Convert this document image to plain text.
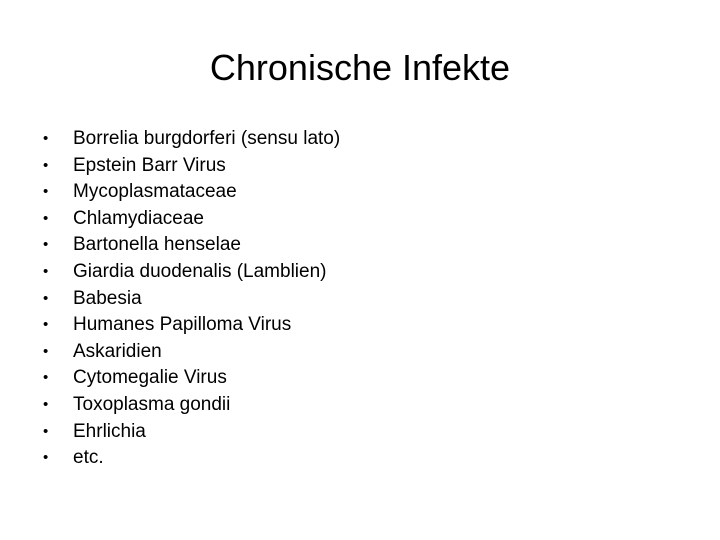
Chronische Infekte
• Borrelia burgdorferi (sensu lato)
• Epstein Barr Virus
• Mycoplasmataceae
• Chlamydiaceae
• Bartonella henselae
• Giardia duodenalis (Lamblien)
• Babesia
• Humanes Papilloma Virus
• Askaridien
• Cytomegalie Virus
• Toxoplasma gondii
• Ehrlichia
• etc.
